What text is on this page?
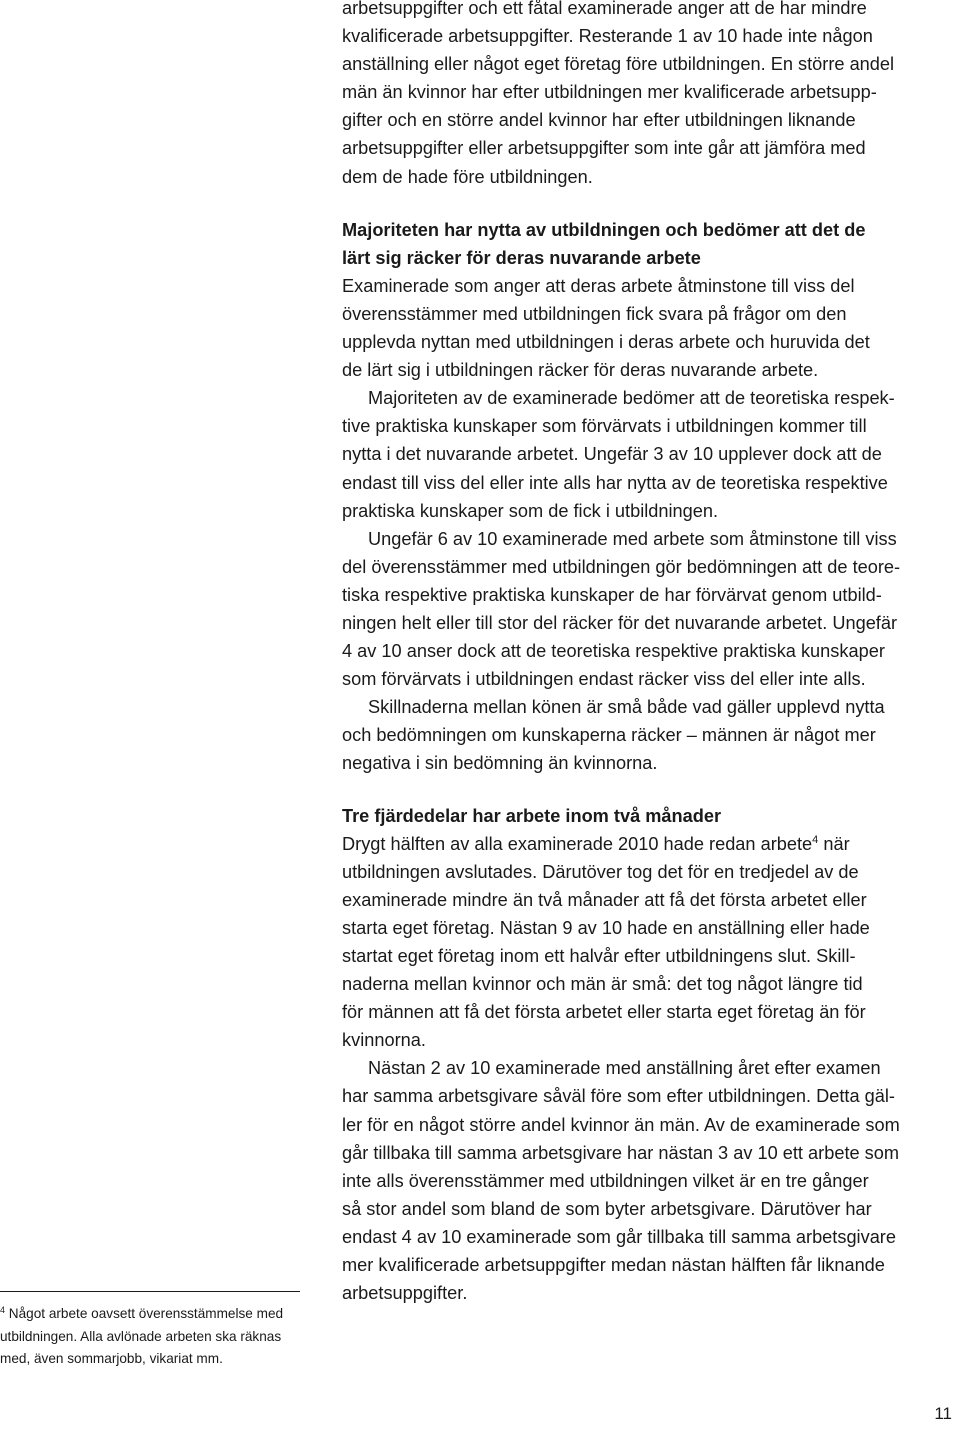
arbetsuppgifter och ett fåtal examinerade anger att de har mindre
kvalificerade arbetsuppgifter. Resterande 1 av 10 hade inte någon
anställning eller något eget företag före utbildningen. En större andel
män än kvinnor har efter utbildningen mer kvalificerade arbetsupp-
gifter och en större andel kvinnor har efter utbildningen liknande
arbetsuppgifter eller arbetsuppgifter som inte går att jämföra med
dem de hade före utbildningen.

Majoriteten har nytta av utbildningen och bedömer att det de
lärt sig räcker för deras nuvarande arbete

Examinerade som anger att deras arbete åtminstone till viss del
överensstämmer med utbildningen fick svara på frågor om den
upplevda nyttan med utbildningen i deras arbete och huruvida det
de lärt sig i utbildningen räcker för deras nuvarande arbete.

Majoriteten av de examinerade bedömer att de teoretiska respek-
tive praktiska kunskaper som förvärvats i utbildningen kommer till
nytta i det nuvarande arbetet. Ungefär 3 av 10 upplever dock att de
endast till viss del eller inte alls har nytta av de teoretiska respektive
praktiska kunskaper som de fick i utbildningen.

Ungefär 6 av 10 examinerade med arbete som åtminstone till viss
del överensstämmer med utbildningen gör bedömningen att de teore-
tiska respektive praktiska kunskaper de har förvärvat genom utbild-
ningen helt eller till stor del räcker för det nuvarande arbetet. Ungefär
4 av 10 anser dock att de teoretiska respektive praktiska kunskaper
som förvärvats i utbildningen endast räcker viss del eller inte alls.

Skillnaderna mellan könen är små både vad gäller upplevd nytta
och bedömningen om kunskaperna räcker – männen är något mer
negativa i sin bedömning än kvinnorna.

Tre fjärdedelar har arbete inom två månader

Drygt hälften av alla examinerade 2010 hade redan arbete$^4$ när
utbildningen avslutades. Därutöver tog det för en tredjedel av de
examinerade mindre än två månader att få det första arbetet eller
starta eget företag. Nästan 9 av 10 hade en anställning eller hade
startat eget företag inom ett halvår efter utbildningens slut. Skill-
naderna mellan kvinnor och män är små: det tog något längre tid
för männen att få det första arbetet eller starta eget företag än för
kvinnorna.

Nästan 2 av 10 examinerade med anställning året efter examen
har samma arbetsgivare såväl före som efter utbildningen. Detta gäl-
ler för en något större andel kvinnor än män. Av de examinerade som
går tillbaka till samma arbetsgivare har nästan 3 av 10 ett arbete som
inte alls överensstämmer med utbildningen vilket är en tre gånger
så stor andel som bland de som byter arbetsgivare. Därutöver har
endast 4 av 10 examinerade som går tillbaka till samma arbetsgivare
mer kvalificerade arbetsuppgifter medan nästan hälften får liknande
arbetsuppgifter.

$^4$ Något arbete oavsett överensstämmelse med
utbildningen. Alla avlönade arbeten ska räknas
med, även sommarjobb, vikariat mm.
11
